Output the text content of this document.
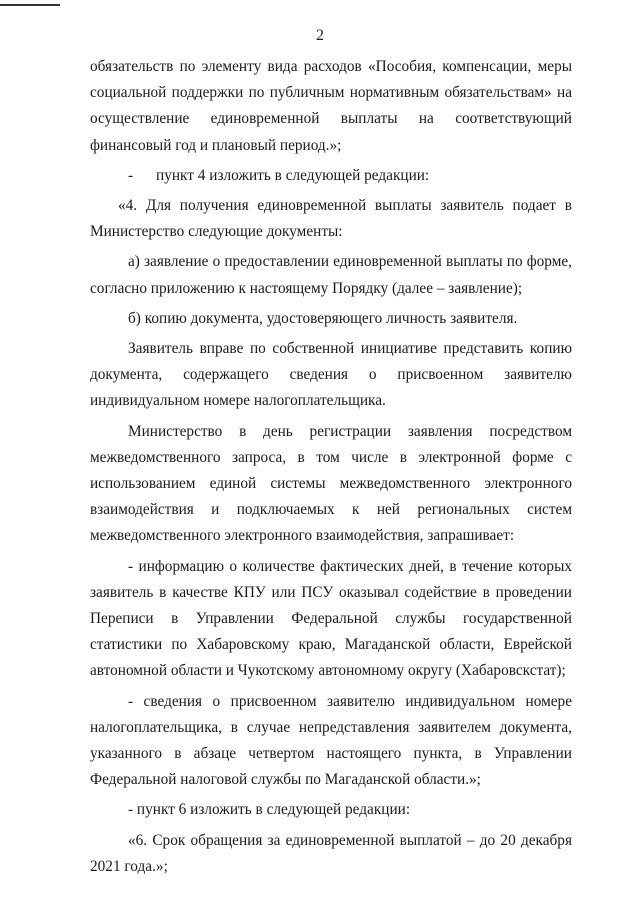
2

обязательств по элементу вида расходов «Пособия, компенсации, меры социальной поддержки по публичным нормативным обязательствам» на осуществление единовременной выплаты на соответствующий финансовый год и плановый период.»;

-      пункт 4 изложить в следующей редакции:

«4. Для получения единовременной выплаты заявитель подает в Министерство следующие документы:

а) заявление о предоставлении единовременной выплаты по форме, согласно приложению к настоящему Порядку (далее – заявление);

б) копию документа, удостоверяющего личность заявителя.

Заявитель вправе по собственной инициативе представить копию документа, содержащего сведения о присвоенном заявителю индивидуальном номере налогоплательщика.

Министерство в день регистрации заявления посредством межведомственного запроса, в том числе в электронной форме с использованием единой системы межведомственного электронного взаимодействия и подключаемых к ней региональных систем межведомственного электронного взаимодействия, запрашивает:

- информацию о количестве фактических дней, в течение которых заявитель в качестве КПУ или ПСУ оказывал содействие в проведении Переписи в Управлении Федеральной службы государственной статистики по Хабаровскому краю, Магаданской области, Еврейской автономной области и Чукотскому автономному округу (Хабаровскстат);

- сведения о присвоенном заявителю индивидуальном номере налогоплательщика, в случае непредставления заявителем документа, указанного в абзаце четвертом настоящего пункта, в Управлении Федеральной налоговой службы по Магаданской области.»;

- пункт 6 изложить в следующей редакции:

«6. Срок обращения за единовременной выплатой – до 20 декабря 2021 года.»;
